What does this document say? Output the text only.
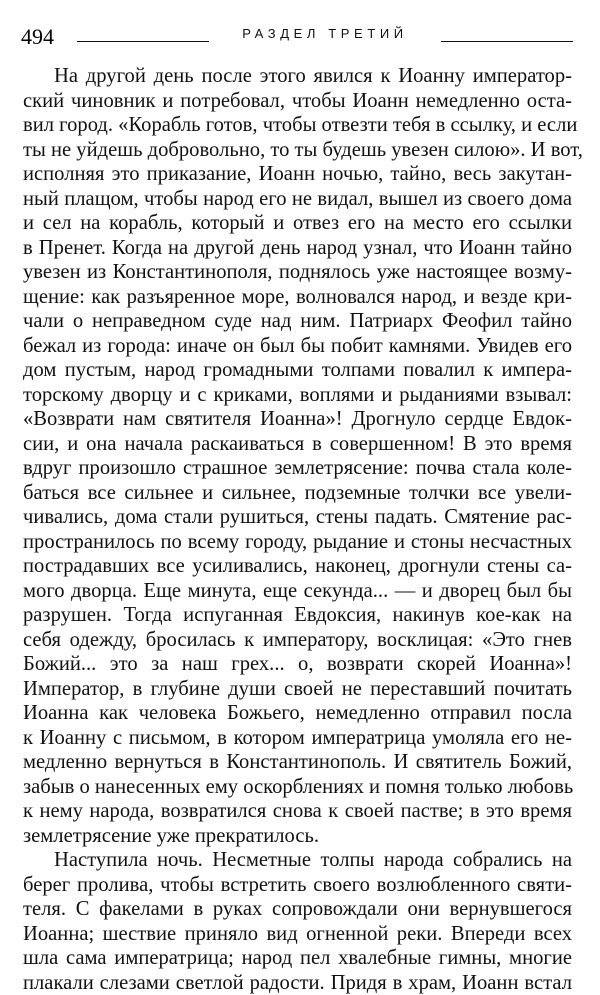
494	РАЗДЕЛ ТРЕТИЙ
На другой день после этого явился к Иоанну император-
ский чиновник и потребовал, чтобы Иоанн немедленно оста-
вил город. «Корабль готов, чтобы отвезти тебя в ссылку, и если
ты не уйдешь добровольно, то ты будешь увезен силою». И вот,
исполняя это приказание, Иоанн ночью, тайно, весь закутан-
ный плащом, чтобы народ его не видал, вышел из своего дома
и сел на корабль, который и отвез его на место его ссылки
в Пренет. Когда на другой день народ узнал, что Иоанн тайно
увезен из Константинополя, поднялось уже настоящее возму-
щение: как разъяренное море, волновался народ, и везде кри-
чали о неправедном суде над ним. Патриарх Феофил тайно
бежал из города: иначе он был бы побит камнями. Увидев его
дом пустым, народ громадными толпами повалил к импера-
торскому дворцу и с криками, воплями и рыданиями взывал:
«Возврати нам святителя Иоанна»! Дрогнуло сердце Евдок-
сии, и она начала раскаиваться в совершенном! В это время
вдруг произошло страшное землетрясение: почва стала коле-
баться все сильнее и сильнее, подземные толчки все увели-
чивались, дома стали рушиться, стены падать. Смятение рас-
пространилось по всему городу, рыдание и стоны несчастных
пострадавших все усиливались, наконец, дрогнули стены са-
мого дворца. Еще минута, еще секунда... — и дворец был бы
разрушен. Тогда испуганная Евдоксия, накинув кое-как на
себя одежду, бросилась к императору, восклицая: «Это гнев
Божий... это за наш грех... о, возврати скорей Иоанна»!
Император, в глубине души своей не переставший почитать
Иоанна как человека Божьего, немедленно отправил посла
к Иоанну с письмом, в котором императрица умоляла его не-
медленно вернуться в Константинополь. И святитель Божий,
забыв о нанесенных ему оскорблениях и помня только любовь
к нему народа, возвратился снова к своей пастве; в это время
землетрясение уже прекратилось.
Наступила ночь. Несметные толпы народа собрались на
берег пролива, чтобы встретить своего возлюбленного святи-
теля. С факелами в руках сопровождали они вернувшегося
Иоанна; шествие приняло вид огненной реки. Впереди всех
шла сама императрица; народ пел хвалебные гимны, многие
плакали слезами светлой радости. Придя в храм, Иоанн встал
